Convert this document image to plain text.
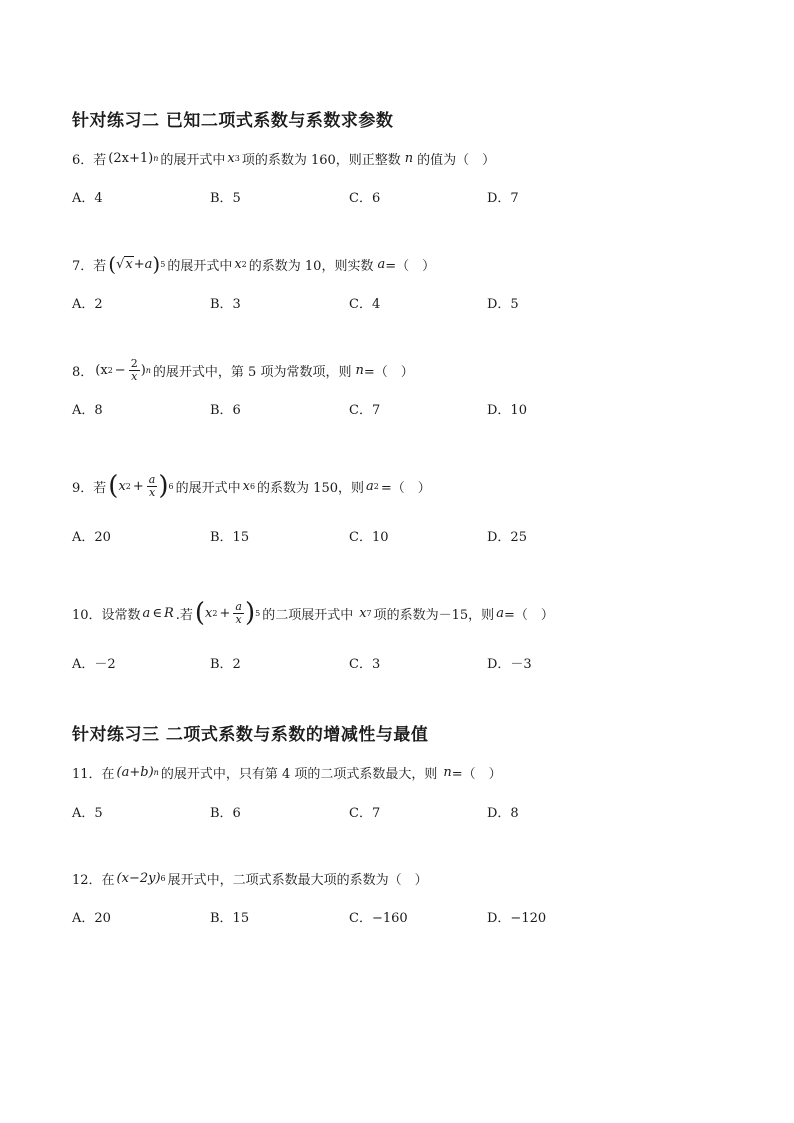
针对练习二 已知二项式系数与系数求参数
6．若 (2x+1) n 的展开式中 x 3 项的系数为 160，则正整数 n 的值为（　）
A．4	B．5	C．6	D．7
7．若 ( √ x + a ) 5 的展开式中 x 2 的系数为 10，则实数 a =（　）
A．2	B．3	C．4	D．5
8． (x $2 - \frac{2}{x}$ ) n 的展开式中，第 5 项为常数项，则 n =（　）
A．8	B．6	C．7	D．10
9．若 ( x $2 + \frac{a}{x}$ ) 6 的展开式中 x 6 的系数为 150，则 a 2 =（　）
A．20	B．15	C．10	D．25
10．设常数 a ∈ R .若 ( x $2 + \frac{a}{x}$ ) 5 的二项展开式中 x 7 项的系数为－15，则 a =（　）
A．－2	B．2	C．3	D．－3
针对练习三 二项式系数与系数的增减性与最值
11．在 (a+b) n 的展开式中，只有第 4 项的二项式系数最大，则 n =（　）
A．5	B．6	C．7	D．8
12．在 (x−2y) 6 展开式中，二项式系数最大项的系数为（　）
A．20	B．15	C．−160	D．−120
